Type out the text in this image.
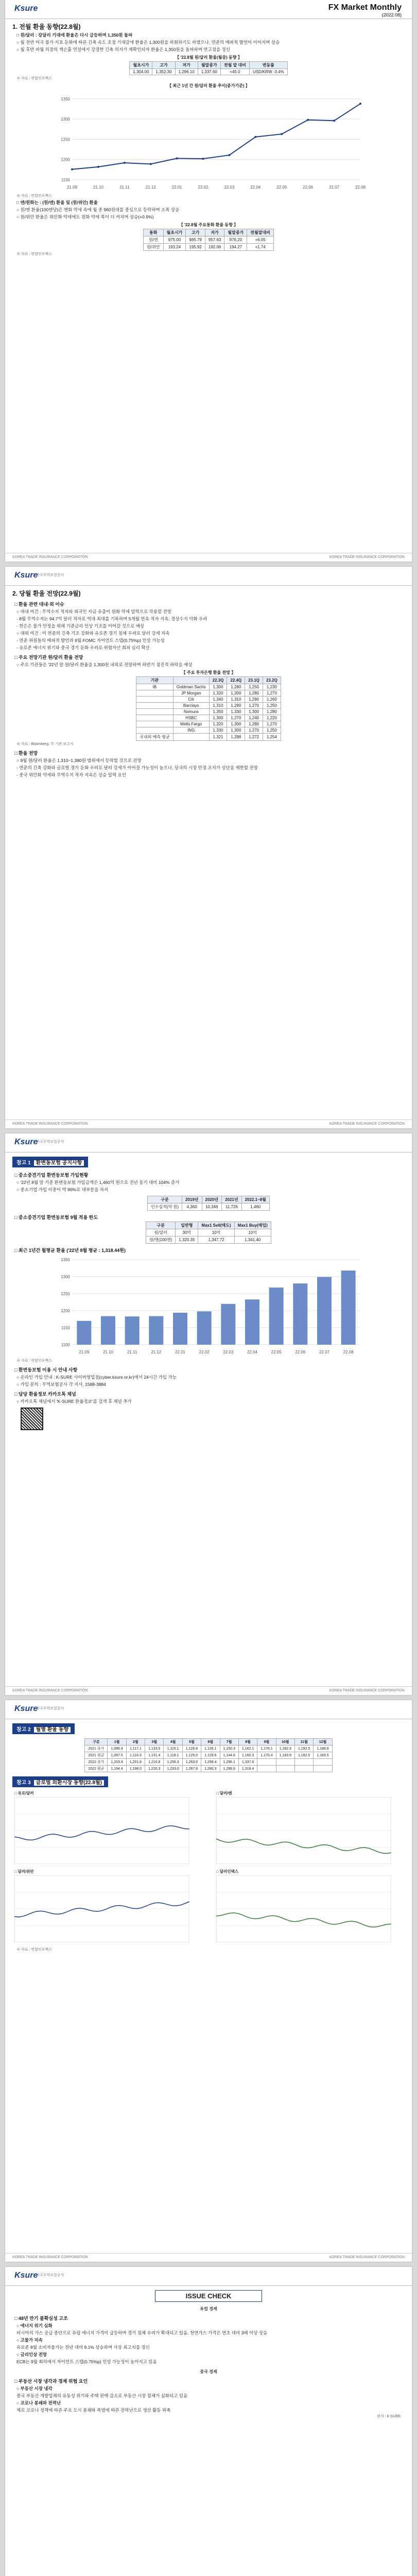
Ksure	FX Market Monthly
(2022.08)
1. 전월 환율 동향(22.8월)
□ 원/달러 : 강달러 기대에 환율은 다시 급등하며 1,350원 돌파
○ 월 전반 미국 물가 지표 둔화에 따른 긴축 속도 조절 기대감에 환율은 1,300원을 하회하기도 하였으나, 연준의 매파적 발언이 이어지며 상승
○ 월 후반 파월 의장의 잭슨홀 연설에서 강경한 긴축 의지가 재확인되자 환율은 1,350원을 돌파하며 연고점을 경신
【 '22.8월 원/달러 환율(월중) 동향 】
월초시가	고가	저가	월말종가	전월 말 대비	변동률
1,304.00	1,352.30	1,296.10	1,337.60	+45.0	USD/KRW -3.4%
※ 자료 : 연합인포맥스
【 최근 1년 간 원/달러 환율 추이(종가기준) 】
1150
1200
1250
1300
1350
21.09	21.10	21.11	21.12	22.01	22.02	22.03	22.04	22.05	22.06	22.07	22.08
※ 자료 : 연합인포맥스
□ 엔/원화는 : (원/엔) 환율 및 (원/위안) 환율
○ 원/엔 환율(100엔당)은 엔화 약세 속에 월 중 960원대를 중심으로 등락하며 소폭 상승
○ 원/위안 환율은 위안화 약세에도 원화 약세 폭이 더 커지며 상승(+0.9%)
【 '22.8월 주요통화 환율 동향 】
통화	월초시가	고가	저가	월말종가	전월말대비
원/엔	975.00	985.79	957.63	976.20	+6.05
원/위안	193.24	195.92	192.06	194.27	+1.74
※ 자료 : 연합인포맥스
KOREA TRADE INSURANCE CORPORATION	KOREA TRADE INSURANCE CORPORATION
Ksure
한국무역보험공사
2. 당월 환율 전망(22.9월)
□ 환율 관련 대내·외 이슈
○ 대내 여건 : 무역수지 적자와 외국인 자금 유출이 원화 약세 압력으로 작용할 전망
- 8월 무역수지는 94.7억 달러 적자로 역대 최대를 기록하며 5개월 연속 적자 지속, 경상수지 악화 우려
- 한은은 물가 안정을 위해 기준금리 인상 기조를 이어갈 것으로 예상
○ 대외 여건 : 미 연준의 긴축 기조 강화와 유로존 경기 침체 우려로 달러 강세 지속
- 연준 위원들의 매파적 발언과 9월 FOMC 자이언트 스텝(0.75%p) 인상 가능성
- 유로존 에너지 위기와 중국 경기 둔화 우려로 위험자산 회피 심리 확산
□ 주요 전망기관 원/달러 환율 전망
○ 주요 기관들은 '22년 말 원/달러 환율을 1,300원 내외로 전망하며 하반기 점진적 하락을 예상
【 주요 투자은행 환율 전망 】
기관		22.3Q	22.4Q	23.1Q	23.2Q
IB	Goldman Sachs	1,300	1,280	1,250	1,230
	JP Morgan	1,320	1,300	1,280	1,270
	Citi	1,340	1,310	1,290	1,260
	Barclays	1,310	1,290	1,270	1,250
	Nomura	1,350	1,330	1,300	1,280
	HSBC	1,300	1,270	1,240	1,220
	Wells Fargo	1,320	1,300	1,280	1,270
	ING	1,330	1,300	1,270	1,250
국내외 예측 평균		1,321	1,298	1,272	1,254
※ 자료 : Bloomberg, 각 기관 보고서
□ 환율 전망
○ 9월 원/달러 환율은 1,310~1,380원 범위에서 등락할 것으로 전망
- 연준의 긴축 강화와 글로벌 경기 둔화 우려로 달러 강세가 이어질 가능성이 높으나, 당국의 시장 안정 조치가 상단을 제한할 전망
- 중국 위안화 약세와 무역수지 적자 지속은 상승 압력 요인
KOREA TRADE INSURANCE CORPORATION	KOREA TRADE INSURANCE CORPORATION
Ksure
한국무역보험공사
참고 1 환변동보험 공지사항
□ 중소중견기업 환변동보험 가입현황
○ '22년 8월 말 기준 환변동보험 가입금액은 1,460억 원으로 전년 동기 대비 104% 증가
○ 중소기업 가입 비중이 약 90%로 대부분을 차지
구분	2019년	2020년	2021년	2022.1~8월
인수실적(억 원)	4,360	10,346	11,726	1,460
□ 중소중견기업 환변동보험 9월 적용 한도
구분	일반형	Max1 Sell(매도)	Max1 Buy(매입)
원/달러	30억	10억	10억
원/엔(100엔)	1,320.35	1,347.72	1,341.40
□ 최근 1년간 월평균 환율 ('22년 8월 평균 : 1,318.44원)
1100
1150
1200
1250
1300
1350
21.09	21.10	21.11	21.12	22.01	22.02	22.03	22.04	22.05	22.06	22.07	22.08
※ 자료 : 연합인포맥스
□ 환변동보험 이용 시 안내 사항
○ 온라인 가입 안내 : K-SURE 사이버영업점(cyber.ksure.or.kr)에서 24시간 가입 가능
○ 가입 문의 : 무역보험공사 각 지사, 1588-3884
□ 담당 환율정보 카카오톡 채널
○ 카카오톡 채널에서 'K-SURE 환율정보'를 검색 후 채널 추가
KOREA TRADE INSURANCE CORPORATION	KOREA TRADE INSURANCE CORPORATION
Ksure
한국무역보험공사
참고 2 월별 환율 동향
구분	1월	2월	3월	4월	5월	6월	7월	8월	9월	10월	11월	12월
2021 종가	1,086.3	1,117.1	1,133.5	1,115.1	1,128.8	1,126.1	1,150.3	1,162.1	1,176.1	1,182.3	1,192.5	1,188.8
2021 평균	1,097.5	1,116.3	1,131.4	1,118.1	1,125.0	1,129.6	1,144.6	1,160.3	1,170.4	1,183.9	1,182.5	1,183.5
2022 종가	1,203.4	1,201.8	1,210.8	1,256.3	1,263.0	1,298.4	1,296.1	1,337.6				
2022 평균	1,194.4	1,198.0	1,220.3	1,233.0	1,267.8	1,280.3	1,298.8	1,318.4				
참고 3 글로벌 외환시장 동향(22.8월)
□ 유로/달러	□ 달러/엔
□ 달러/위안	□ 달러인덱스
※ 자료 : 연합인포맥스
KOREA TRADE INSURANCE CORPORATION	KOREA TRADE INSURANCE CORPORATION
Ksure
한국무역보험공사
ISSUE CHECK
유럽 경제
□ 48년 만기 불확실성 고조
○ 에너지 위기 심화
러시아의 가스 공급 중단으로 유럽 에너지 가격이 급등하며 경기 침체 우려가 확대되고 있음. 천연가스 가격은 연초 대비 3배 이상 상승
○ 고물가 지속
유로존 8월 소비자물가는 전년 대비 9.1% 상승하며 사상 최고치를 경신
○ 금리인상 전망
ECB는 9월 회의에서 자이언트 스텝(0.75%p) 인상 가능성이 높아지고 있음
중국 경제
□ 부동산 시장 냉각과 경제 위험 요인
○ 부동산 시장 냉각
중국 부동산 개발업체의 유동성 위기와 주택 판매 감소로 부동산 시장 침체가 심화되고 있음
○ 코로나 봉쇄와 전력난
제로 코로나 정책에 따른 주요 도시 봉쇄와 폭염에 따른 전력난으로 생산 활동 위축
편저 : K-SURE
